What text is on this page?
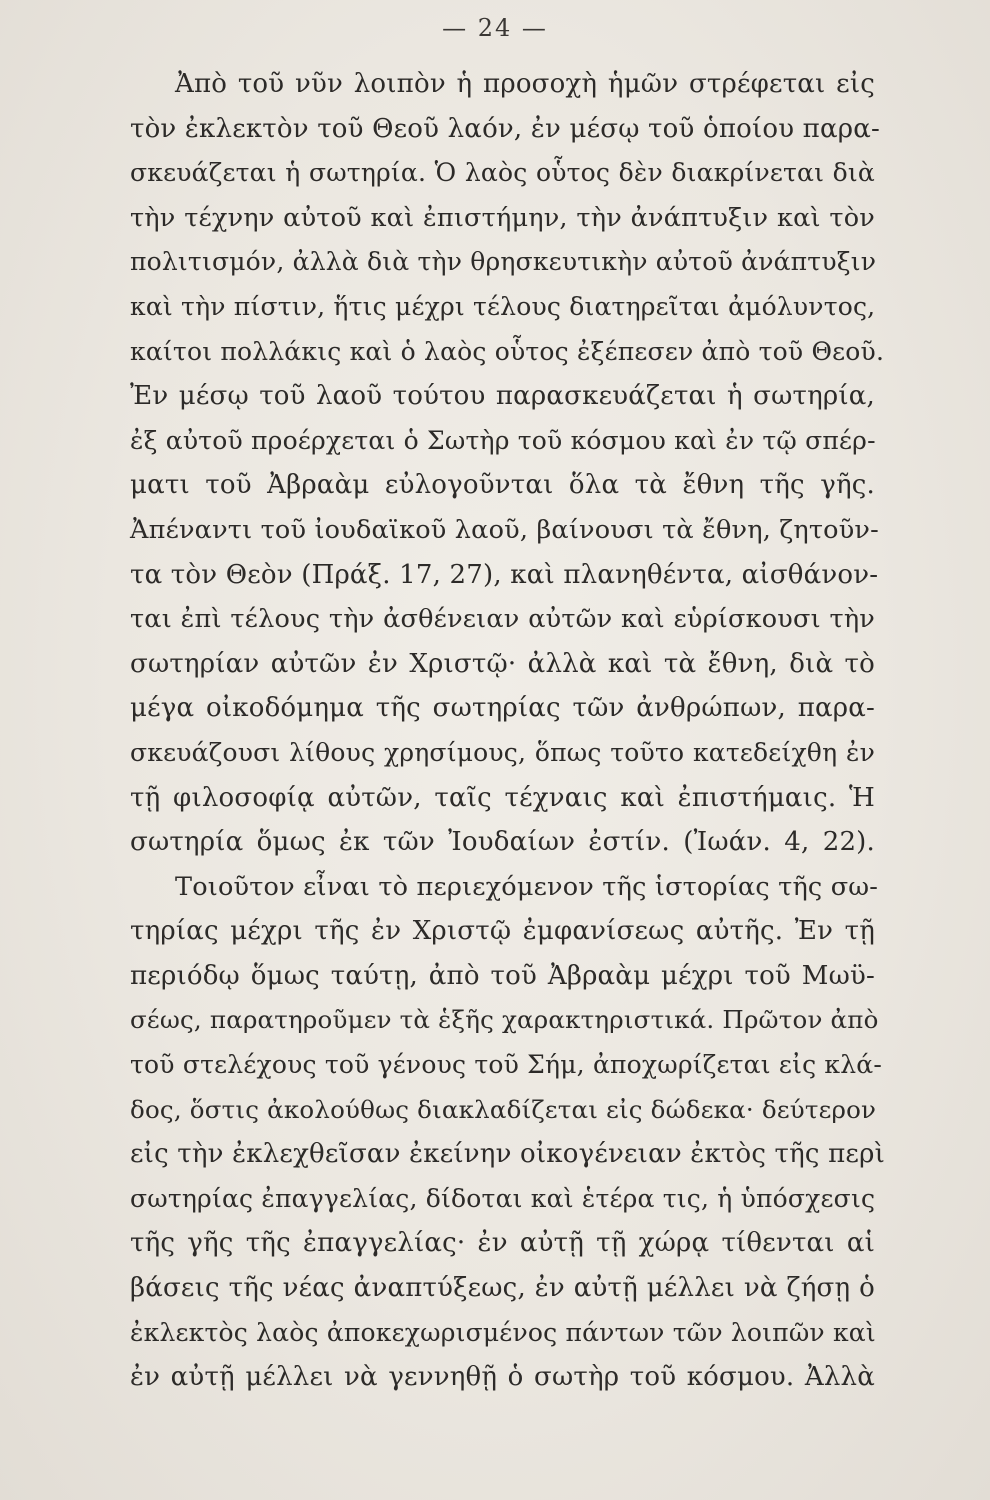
— 24 —
Ἀπὸ τοῦ νῦν λοιπὸν ἡ προσοχὴ ἡμῶν στρέφεται εἰς
τὸν ἐκλεκτὸν τοῦ Θεοῦ λαόν, ἐν μέσῳ τοῦ ὁποίου παρα-
σκευάζεται ἡ σωτηρία. Ὁ λαὸς οὗτος δὲν διακρίνεται διὰ
τὴν τέχνην αὐτοῦ καὶ ἐπιστήμην, τὴν ἀνάπτυξιν καὶ τὸν
πολιτισμόν, ἀλλὰ διὰ τὴν θρησκευτικὴν αὐτοῦ ἀνάπτυξιν
καὶ τὴν πίστιν, ἥτις μέχρι τέλους διατηρεῖται ἀμόλυντος,
καίτοι πολλάκις καὶ ὁ λαὸς οὗτος ἐξέπεσεν ἀπὸ τοῦ Θεοῦ.
Ἐν μέσῳ τοῦ λαοῦ τούτου παρασκευάζεται ἡ σωτηρία,
ἐξ αὐτοῦ προέρχεται ὁ Σωτὴρ τοῦ κόσμου καὶ ἐν τῷ σπέρ-
ματι τοῦ Ἀβραὰμ εὐλογοῦνται ὅλα τὰ ἔθνη τῆς γῆς.
Ἀπέναντι τοῦ ἰουδαϊκοῦ λαοῦ, βαίνουσι τὰ ἔθνη, ζητοῦν-
τα τὸν Θεὸν (Πράξ. 17, 27), καὶ πλανηθέντα, αἰσθάνον-
ται ἐπὶ τέλους τὴν ἀσθένειαν αὐτῶν καὶ εὑρίσκουσι τὴν
σωτηρίαν αὐτῶν ἐν Χριστῷ· ἀλλὰ καὶ τὰ ἔθνη, διὰ τὸ
μέγα οἰκοδόμημα τῆς σωτηρίας τῶν ἀνθρώπων, παρα-
σκευάζουσι λίθους χρησίμους, ὅπως τοῦτο κατεδείχθη ἐν
τῇ φιλοσοφίᾳ αὐτῶν, ταῖς τέχναις καὶ ἐπιστήμαις. Ἡ
σωτηρία ὅμως ἐκ τῶν Ἰουδαίων ἐστίν. (Ἰωάν. 4, 22).
Τοιοῦτον εἶναι τὸ περιεχόμενον τῆς ἱστορίας τῆς σω-
τηρίας μέχρι τῆς ἐν Χριστῷ ἐμφανίσεως αὐτῆς. Ἐν τῇ
περιόδῳ ὅμως ταύτῃ, ἀπὸ τοῦ Ἀβραὰμ μέχρι τοῦ Μωϋ-
σέως, παρατηροῦμεν τὰ ἑξῆς χαρακτηριστικά. Πρῶτον ἀπὸ
τοῦ στελέχους τοῦ γένους τοῦ Σήμ, ἀποχωρίζεται εἰς κλά-
δος, ὅστις ἀκολούθως διακλαδίζεται εἰς δώδεκα· δεύτερον
εἰς τὴν ἐκλεχθεῖσαν ἐκείνην οἰκογένειαν ἐκτὸς τῆς περὶ
σωτηρίας ἐπαγγελίας, δίδοται καὶ ἑτέρα τις, ἡ ὑπόσχεσις
τῆς γῆς τῆς ἐπαγγελίας· ἐν αὐτῇ τῇ χώρᾳ τίθενται αἱ
βάσεις τῆς νέας ἀναπτύξεως, ἐν αὐτῇ μέλλει νὰ ζήσῃ ὁ
ἐκλεκτὸς λαὸς ἀποκεχωρισμένος πάντων τῶν λοιπῶν καὶ
ἐν αὐτῇ μέλλει νὰ γεννηθῇ ὁ σωτὴρ τοῦ κόσμου. Ἀλλὰ
